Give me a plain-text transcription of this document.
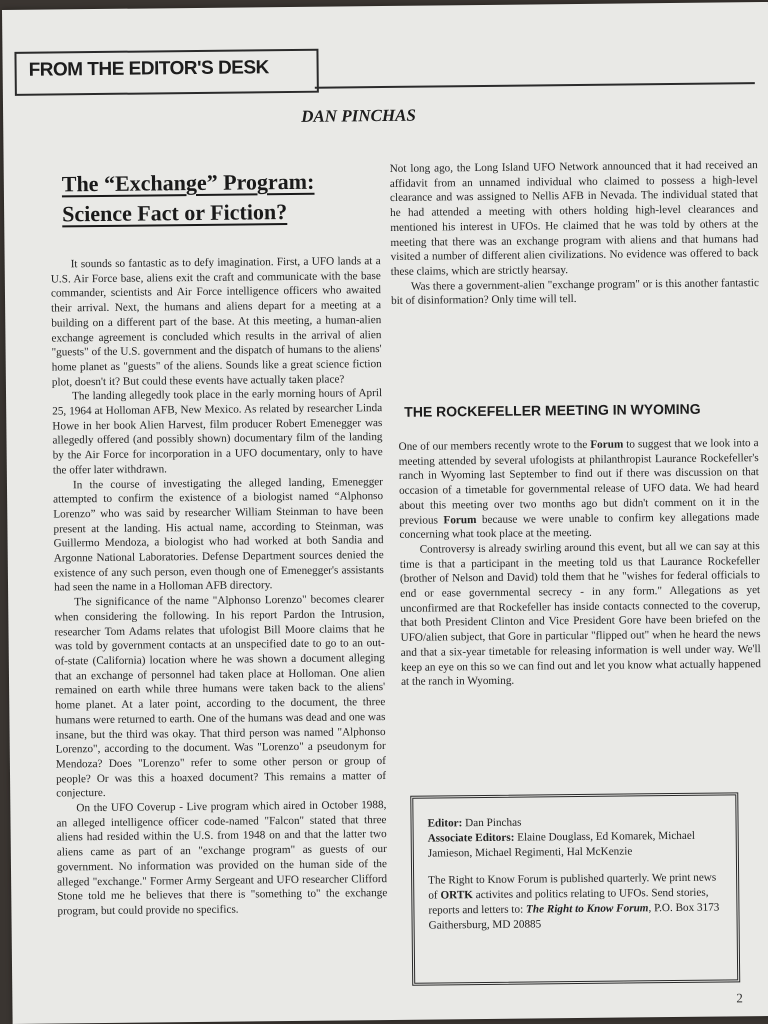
FROM THE EDITOR'S DESK
DAN PINCHAS
The “Exchange” Program:
Science Fact or Fiction?

It sounds so fantastic as to defy imagination. First, a UFO lands at a U.S. Air Force base, aliens exit the craft and communicate with the base commander, scientists and Air Force intelligence officers who awaited their arrival. Next, the humans and aliens depart for a meeting at a building on a different part of the base. At this meeting, a human-alien exchange agreement is concluded which results in the arrival of alien "guests" of the U.S. government and the dispatch of humans to the aliens' home planet as "guests" of the aliens. Sounds like a great science fiction plot, doesn't it? But could these events have actually taken place?

The landing allegedly took place in the early morning hours of April 25, 1964 at Holloman AFB, New Mexico. As related by researcher Linda Howe in her book Alien Harvest, film producer Robert Emenegger was allegedly offered (and possibly shown) documentary film of the landing by the Air Force for incorporation in a UFO documentary, only to have the offer later withdrawn.

In the course of investigating the alleged landing, Emenegger attempted to confirm the existence of a biologist named “Alphonso Lorenzo” who was said by researcher William Steinman to have been present at the landing. His actual name, according to Steinman, was Guillermo Mendoza, a biologist who had worked at both Sandia and Argonne National Laboratories. Defense Department sources denied the existence of any such person, even though one of Emenegger's assistants had seen the name in a Holloman AFB directory.

The significance of the name "Alphonso Lorenzo" becomes clearer when considering the following. In his report Pardon the Intrusion, researcher Tom Adams relates that ufologist Bill Moore claims that he was told by government contacts at an unspecified date to go to an out-of-state (California) location where he was shown a document alleging that an exchange of personnel had taken place at Holloman. One alien remained on earth while three humans were taken back to the aliens' home planet. At a later point, according to the document, the three humans were returned to earth. One of the humans was dead and one was insane, but the third was okay. That third person was named "Alphonso Lorenzo", according to the document. Was "Lorenzo" a pseudonym for Mendoza? Does "Lorenzo" refer to some other person or group of people? Or was this a hoaxed document? This remains a matter of conjecture.

On the UFO Coverup - Live program which aired in October 1988, an alleged intelligence officer code-named "Falcon" stated that three aliens had resided within the U.S. from 1948 on and that the latter two aliens came as part of an "exchange program" as guests of our government. No information was provided on the human side of the alleged "exchange." Former Army Sergeant and UFO researcher Clifford Stone told me he believes that there is "something to" the exchange program, but could provide no specifics.

Not long ago, the Long Island UFO Network announced that it had received an affidavit from an unnamed individual who claimed to possess a high-level clearance and was assigned to Nellis AFB in Nevada. The individual stated that he had attended a meeting with others holding high-level clearances and mentioned his interest in UFOs. He claimed that he was told by others at the meeting that there was an exchange program with aliens and that humans had visited a number of different alien civilizations. No evidence was offered to back these claims, which are strictly hearsay.

Was there a government-alien "exchange program" or is this another fantastic bit of disinformation? Only time will tell.

THE ROCKEFELLER MEETING IN WYOMING

One of our members recently wrote to the Forum to suggest that we look into a meeting attended by several ufologists at philanthropist Laurance Rockefeller's ranch in Wyoming last September to find out if there was discussion on that occasion of a timetable for governmental release of UFO data. We had heard about this meeting over two months ago but didn't comment on it in the previous Forum because we were unable to confirm key allegations made concerning what took place at the meeting.

Controversy is already swirling around this event, but all we can say at this time is that a participant in the meeting told us that Laurance Rockefeller (brother of Nelson and David) told them that he "wishes for federal officials to end or ease governmental secrecy - in any form." Allegations as yet unconfirmed are that Rockefeller has inside contacts connected to the coverup, that both President Clinton and Vice President Gore have been briefed on the UFO/alien subject, that Gore in particular "flipped out" when he heard the news and that a six-year timetable for releasing information is well under way. We'll keep an eye on this so we can find out and let you know what actually happened at the ranch in Wyoming.

Editor: Dan Pinchas

Associate Editors: Elaine Douglass, Ed Komarek, Michael Jamieson, Michael Regimenti, Hal McKenzie

The Right to Know Forum is published quarterly. We print news of ORTK activites and politics relating to UFOs. Send stories, reports and letters to: The Right to Know Forum, P.O. Box 3173 Gaithersburg, MD 20885

2
